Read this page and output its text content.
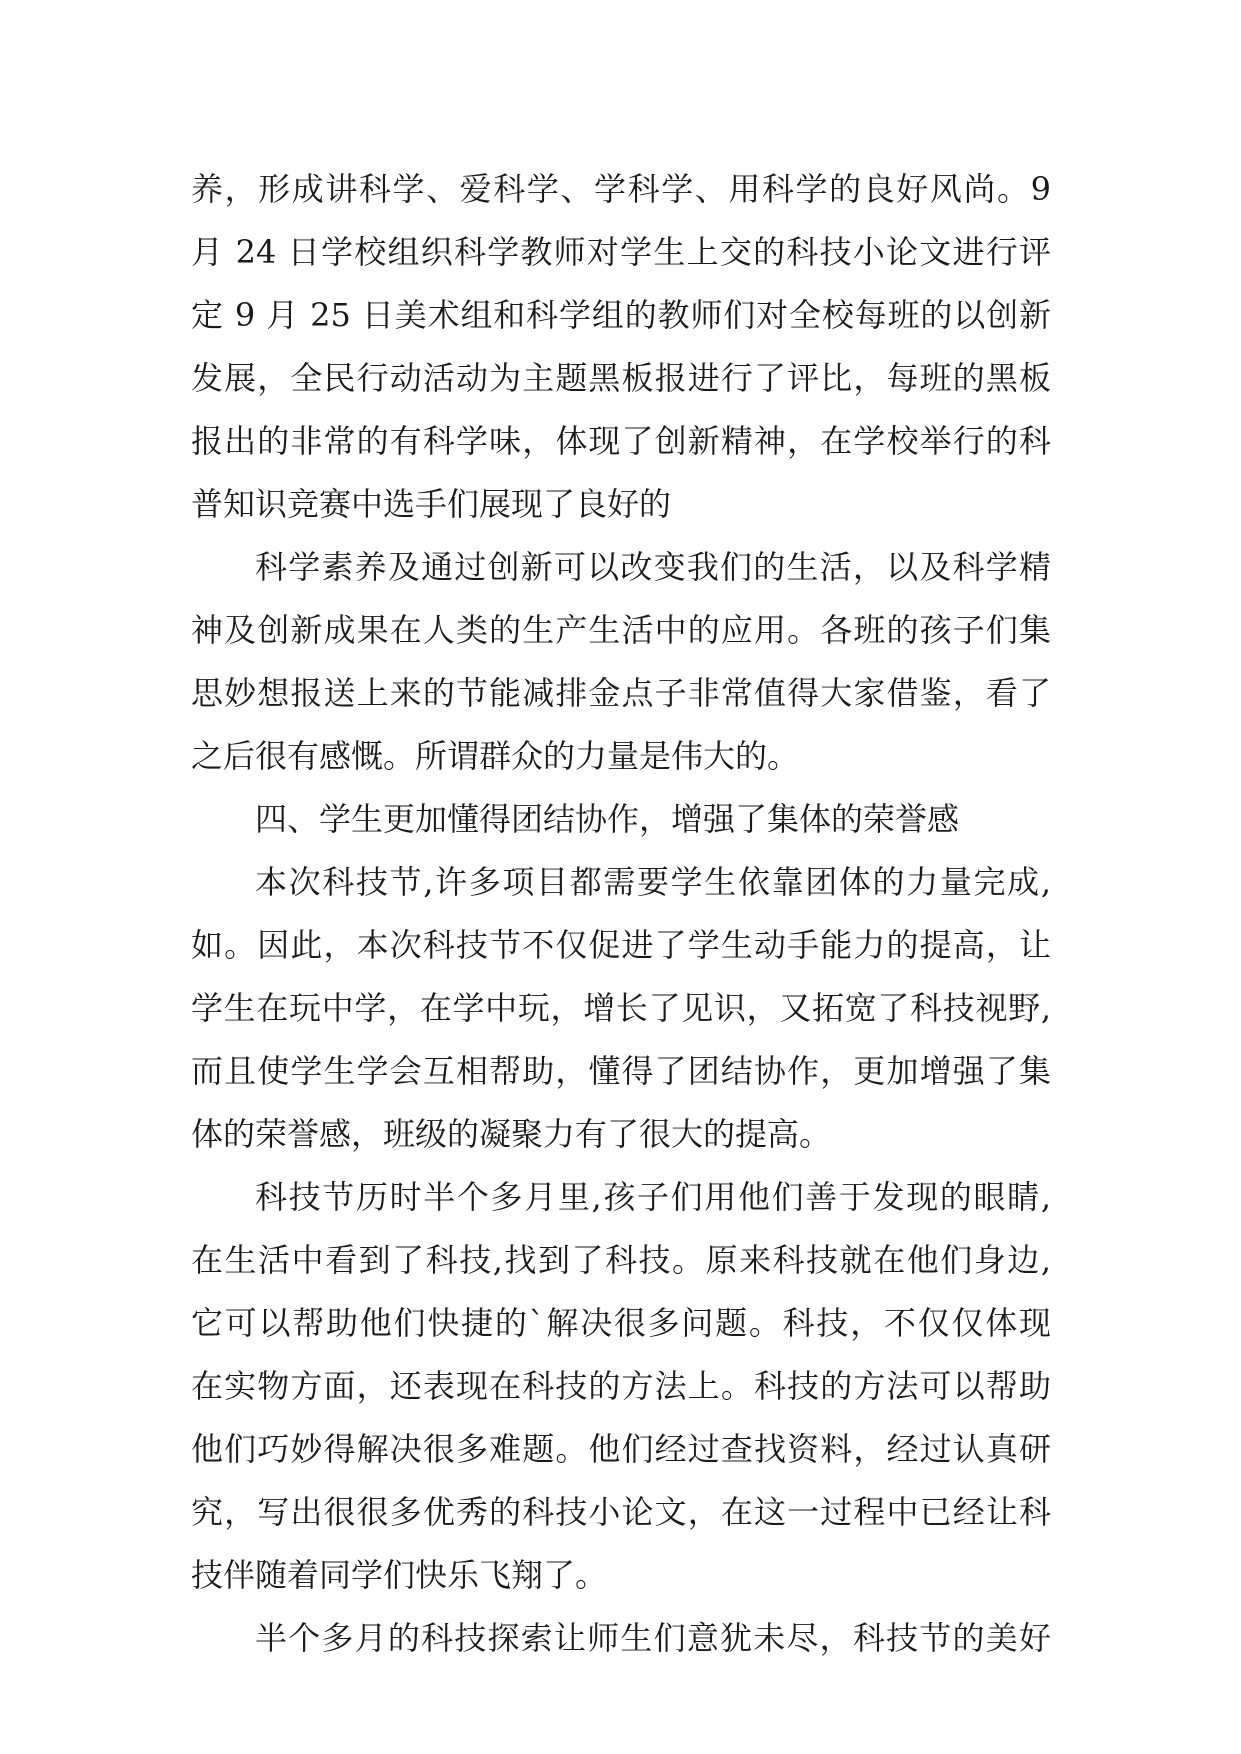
养，形成讲科学、爱科学、学科学、用科学的良好风尚。9
月 24 日学校组织科学教师对学生上交的科技小论文进行评
定 9 月 25 日美术组和科学组的教师们对全校每班的以创新
发展，全民行动活动为主题黑板报进行了评比，每班的黑板
报出的非常的有科学味，体现了创新精神，在学校举行的科
普知识竞赛中选手们展现了良好的
科学素养及通过创新可以改变我们的生活，以及科学精
神及创新成果在人类的生产生活中的应用。各班的孩子们集
思妙想报送上来的节能减排金点子非常值得大家借鉴，看了
之后很有感慨。所谓群众的力量是伟大的。
四、学生更加懂得团结协作，增强了集体的荣誉感
本次科技节,许多项目都需要学生依靠团体的力量完成,
如。因此，本次科技节不仅促进了学生动手能力的提高，让
学生在玩中学，在学中玩，增长了见识，又拓宽了科技视野,
而且使学生学会互相帮助，懂得了团结协作，更加增强了集
体的荣誉感，班级的凝聚力有了很大的提高。
科技节历时半个多月里,孩子们用他们善于发现的眼睛,
在生活中看到了科技,找到了科技。原来科技就在他们身边,
它可以帮助他们快捷的`解决很多问题。科技，不仅仅体现
在实物方面，还表现在科技的方法上。科技的方法可以帮助
他们巧妙得解决很多难题。他们经过查找资料，经过认真研
究，写出很很多优秀的科技小论文，在这一过程中已经让科
技伴随着同学们快乐飞翔了。
半个多月的科技探索让师生们意犹未尽，科技节的美好
